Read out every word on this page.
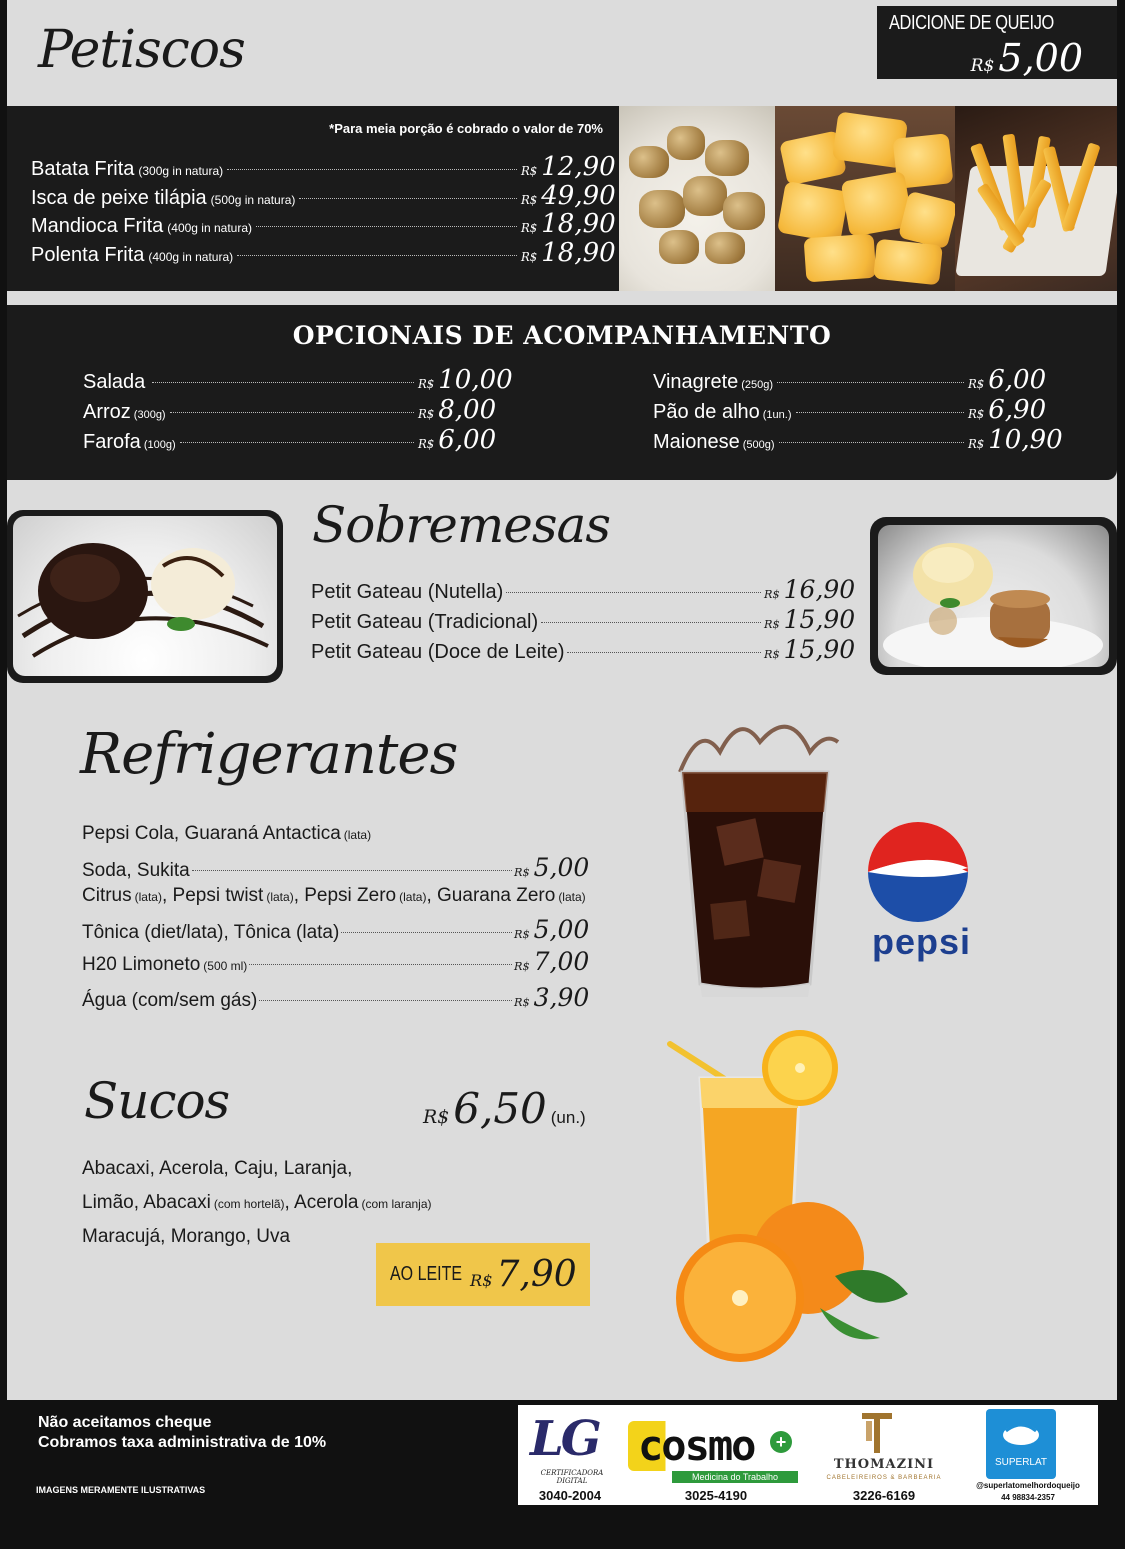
Petiscos	ADICIONE DE QUEIJO
R$ 5,00
*Para meia porção é cobrado o valor de 70%
Batata Frita (300g in natura)	R$ 12,90
Isca de peixe tilápia (500g in natura)	R$ 49,90
Mandioca Frita (400g in natura)	R$ 18,90
Polenta Frita (400g in natura)	R$ 18,90
OPCIONAIS DE ACOMPANHAMENTO
Salada	R$ 10,00
Arroz (300g)	R$ 8,00
Farofa (100g)	R$ 6,00
Vinagrete (250g)	R$ 6,00
Pão de alho (1un.)	R$ 6,90
Maionese (500g)	R$ 10,90
Sobremesas
Petit Gateau (Nutella)	R$ 16,90
Petit Gateau (Tradicional)	R$ 15,90
Petit Gateau (Doce de Leite)	R$ 15,90
Refrigerantes
Pepsi Cola, Guaraná Antactica (lata)
Soda, Sukita	R$ 5,00
Citrus (lata), Pepsi twist (lata), Pepsi Zero (lata), Guarana Zero (lata)
Tônica (diet/lata), Tônica (lata)	R$ 5,00
H20 Limoneto (500 ml)	R$ 7,00
Água (com/sem gás)	R$ 3,90
pepsi
Sucos	R$6,50 (un.)
Abacaxi, Acerola, Caju, Laranja,
Limão, Abacaxi (com hortelã), Acerola (com laranja)
Maracujá, Morango, Uva
AO LEITE R$ 7,90
Não aceitamos cheque
Cobramos taxa administrativa de 10%
IMAGENS MERAMENTE ILUSTRATIVAS
LG
CERTIFICADORA DIGITAL
3040-2004
cosmo	+
Medicina do Trabalho
3025-4190
THOMAZINI
CABELEIREIROS & BARBEARIA
3226-6169
SUPERLAT
@superlatomelhordoqueijo
44 98834-2357
